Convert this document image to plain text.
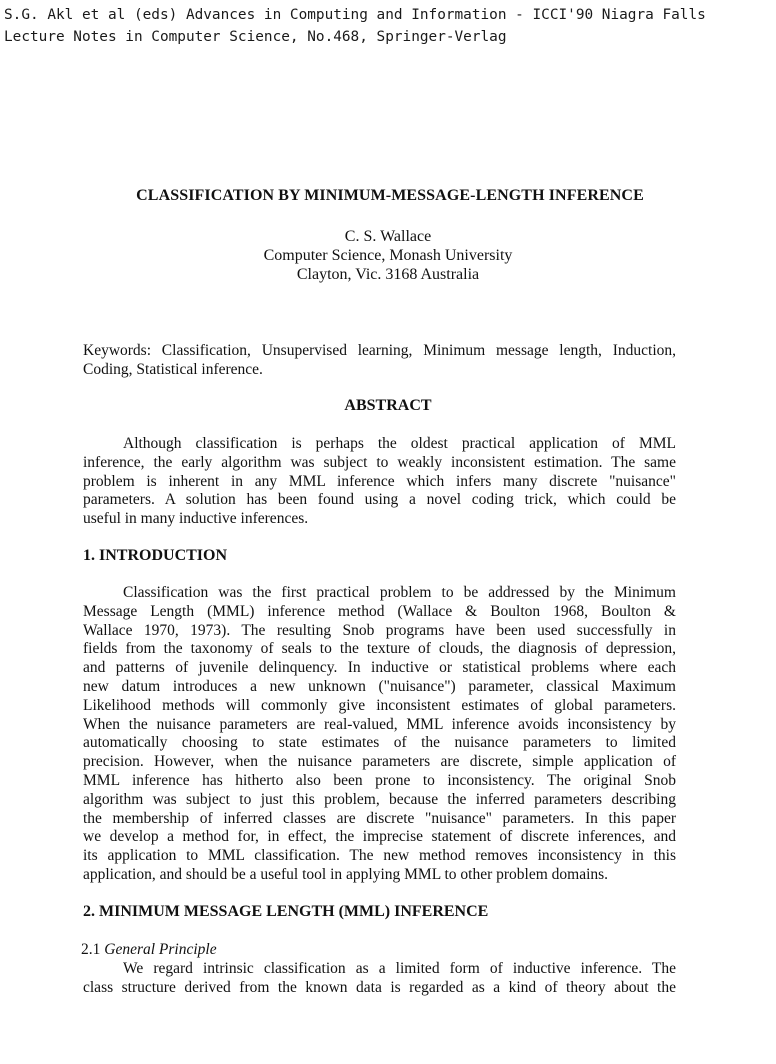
S.G. Akl et al (eds) Advances in Computing and Information - ICCI'90 Niagra Falls
Lecture Notes in Computer Science, No.468, Springer-Verlag
CLASSIFICATION BY MINIMUM-MESSAGE-LENGTH INFERENCE
C. S. Wallace
Computer Science, Monash University
Clayton, Vic. 3168 Australia
Keywords: Classification, Unsupervised learning, Minimum message length, Induction,
Coding, Statistical inference.
ABSTRACT
Although classification is perhaps the oldest practical application of MML
inference, the early algorithm was subject to weakly inconsistent estimation. The same
problem is inherent in any MML inference which infers many discrete "nuisance"
parameters. A solution has been found using a novel coding trick, which could be
useful in many inductive inferences.
1. INTRODUCTION
Classification was the first practical problem to be addressed by the Minimum
Message Length (MML) inference method (Wallace & Boulton 1968, Boulton &
Wallace 1970, 1973). The resulting Snob programs have been used successfully in
fields from the taxonomy of seals to the texture of clouds, the diagnosis of depression,
and patterns of juvenile delinquency. In inductive or statistical problems where each
new datum introduces a new unknown ("nuisance") parameter, classical Maximum
Likelihood methods will commonly give inconsistent estimates of global parameters.
When the nuisance parameters are real-valued, MML inference avoids inconsistency by
automatically choosing to state estimates of the nuisance parameters to limited
precision. However, when the nuisance parameters are discrete, simple application of
MML inference has hitherto also been prone to inconsistency. The original Snob
algorithm was subject to just this problem, because the inferred parameters describing
the membership of inferred classes are discrete "nuisance" parameters. In this paper
we develop a method for, in effect, the imprecise statement of discrete inferences, and
its application to MML classification. The new method removes inconsistency in this
application, and should be a useful tool in applying MML to other problem domains.
2. MINIMUM MESSAGE LENGTH (MML) INFERENCE
2.1 General Principle
We regard intrinsic classification as a limited form of inductive inference. The
class structure derived from the known data is regarded as a kind of theory about the
